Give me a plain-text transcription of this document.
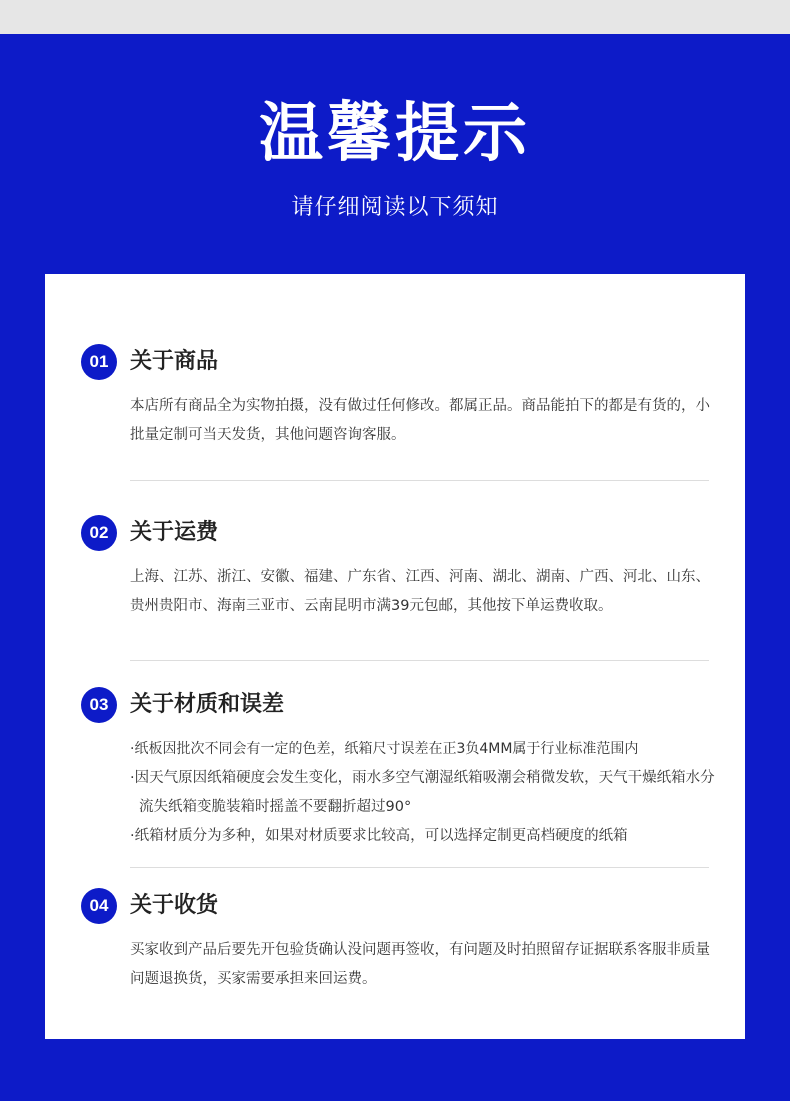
温馨提示
请仔细阅读以下须知
01 关于商品

本店所有商品全为实物拍摄，没有做过任何修改。都属正品。商品能拍下的都是有货的，小批量定制可当天发货，其他问题咨询客服。

02 关于运费

上海、江苏、浙江、安徽、福建、广东省、江西、河南、湖北、湖南、广西、河北、山东、贵州贵阳市、海南三亚市、云南昆明市满39元包邮，其他按下单运费收取。

03 关于材质和误差

·纸板因批次不同会有一定的色差，纸箱尺寸误差在正3负4MM属于行业标准范围内

·因天气原因纸箱硬度会发生变化，雨水多空气潮湿纸箱吸潮会稍微发软，天气干燥纸箱水分流失纸箱变脆装箱时摇盖不要翻折超过90°

·纸箱材质分为多种，如果对材质要求比较高，可以选择定制更高档硬度的纸箱

04 关于收货

买家收到产品后要先开包验货确认没问题再签收，有问题及时拍照留存证据联系客服非质量问题退换货，买家需要承担来回运费。
